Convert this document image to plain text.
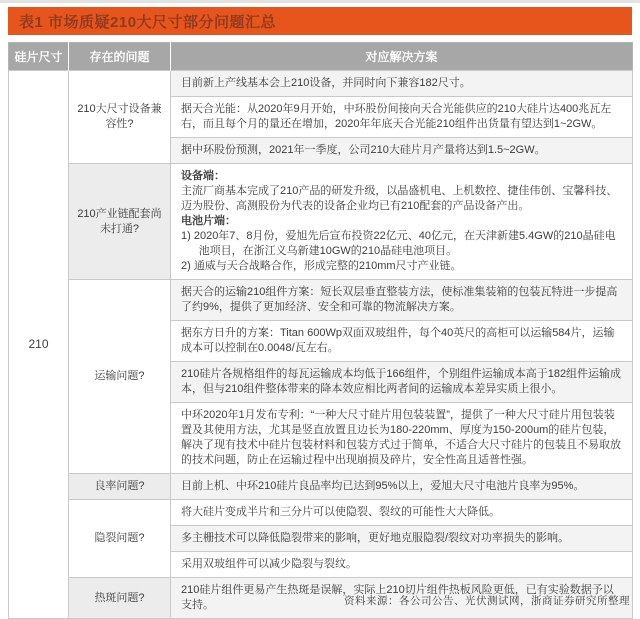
表1 市场质疑210大尺寸部分问题汇总
硅片尺寸	存在的问题	对应解决方案
210	210大尺寸设备兼容性?	目前新上产线基本会上210设备，并同时向下兼容182尺寸。
		据天合光能：从2020年9月开始，中环股份间接向天合光能供应的210大硅片达400兆瓦左右，而且每个月的量还在增加，2020年年底天合光能210组件出货量有望达到1~2GW。
		据中环股份预测，2021年一季度，公司210大硅片月产量将达到1.5~2GW。
	210产业链配套尚未打通?	设备端：
主流厂商基本完成了210产品的研发升级，以晶盛机电、上机数控、捷佳伟创、宝馨科技、迈为股份、高测股份为代表的设备企业均已有210配套的产品设备产出。
电池片端：
1) 2020年7、8月份，爱旭先后宣布投资22亿元、40亿元，在天津新建5.4GW的210晶硅电池项目，在浙江义乌新建10GW的210晶硅电池项目。
2) 通威与天合战略合作，形成完整的210mm尺寸产业链。

	运输问题?	据天合的运输210组件方案：短长双层垂直整装方法，使标准集装箱的包装瓦特进一步提高了约9%，提供了更加经济、安全和可靠的物流解决方案。
		据东方日升的方案：Titan 600Wp双面双玻组件，每个40英尺的高柜可以运输584片，运输成本可以控制在0.0048/瓦左右。
		210硅片各规格组件的每瓦运输成本均低于166组件，个别组件运输成本高于182组件运输成本，但与210组件整体带来的降本效应相比两者间的运输成本差异实质上很小。
		中环2020年1月发布专利：“一种大尺寸硅片用包装装置”，提供了一种大尺寸硅片用包装装置及其使用方法，尤其是竖直放置且边长为180-220mm、厚度为150-200um的硅片包装，解决了现有技术中硅片包装材料和包装方式过于简单，不适合大尺寸硅片的包装且不易取放的技术问题，防止在运输过程中出现崩损及碎片，安全性高且适普性强。
	良率问题?	目前上机、中环210硅片良品率均已达到95%以上，爱旭大尺寸电池片良率为95%。
	隐裂问题?	将大硅片变成半片和三分片可以使隐裂、裂纹的可能性大大降低。
		多主栅技术可以降低隐裂带来的影响，更好地克服隐裂/裂纹对功率损失的影响。
		采用双玻组件可以减少隐裂与裂纹。
	热斑问题?	210硅片组件更易产生热斑是误解，实际上210切片组件热板风险更低，已有实验数据予以支持。	资料来源：各公司公告、光伏测试网，浙商证券研究所整理
